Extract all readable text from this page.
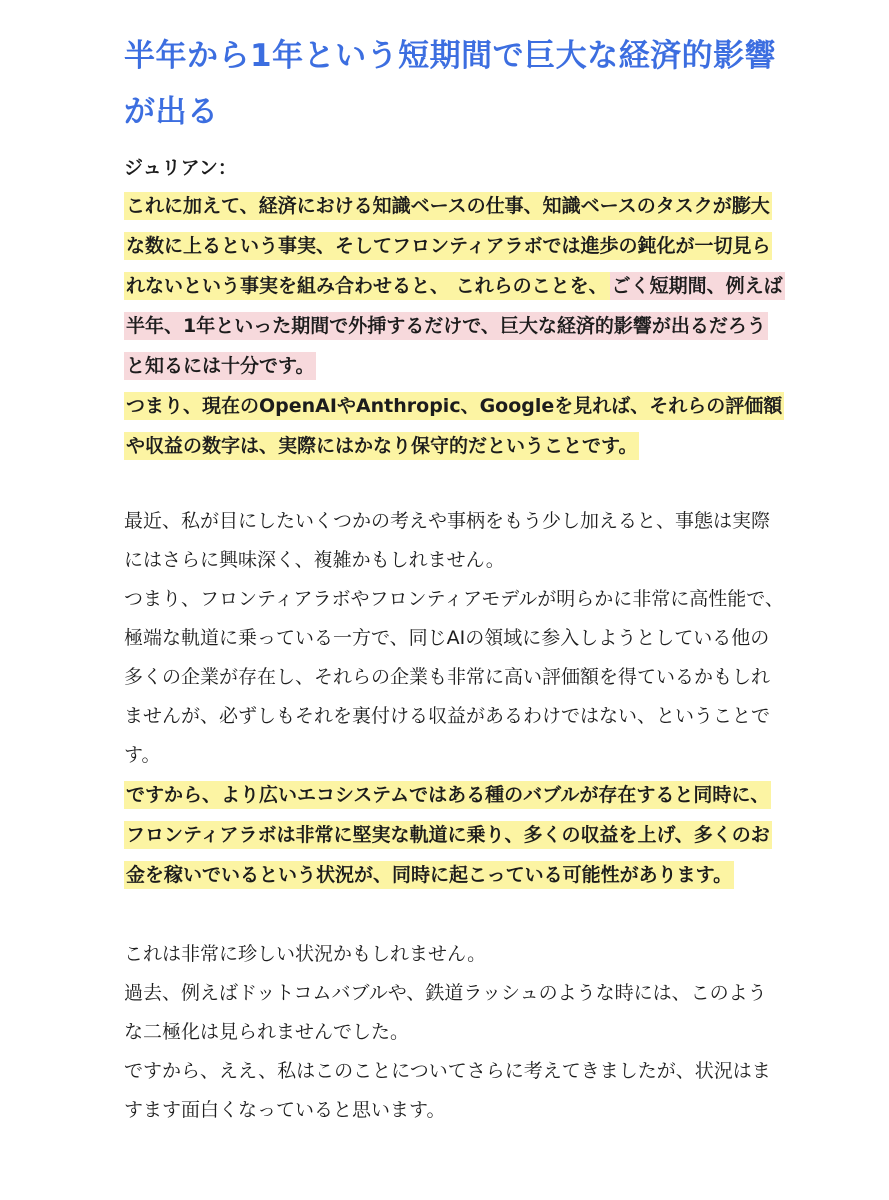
半年から1年という短期間で巨大な経済的影響が出る
ジュリアン：

これに加えて、経済における知識ベースの仕事、知識ベースのタスクが膨大な数に上るという事実、そしてフロンティアラボでは進歩の鈍化が一切見られないという事実を組み合わせると、 これらのことを、 ごく短期間、例えば半年、1年といった期間で外挿するだけで、巨大な経済的影響が出るだろうと知るには十分です。
つまり、現在のOpenAIやAnthropic、Googleを見れば、それらの評価額や収益の数字は、実際にはかなり保守的だということです。

最近、私が目にしたいくつかの考えや事柄をもう少し加えると、事態は実際にはさらに興味深く、複雑かもしれません。

つまり、フロンティアラボやフロンティアモデルが明らかに非常に高性能で、極端な軌道に乗っている一方で、同じAIの領域に参入しようとしている他の多くの企業が存在し、それらの企業も非常に高い評価額を得ているかもしれませんが、必ずしもそれを裏付ける収益があるわけではない、ということです。

ですから、より広いエコシステムではある種のバブルが存在すると同時に、フロンティアラボは非常に堅実な軌道に乗り、多くの収益を上げ、多くのお金を稼いでいるという状況が、同時に起こっている可能性があります。

これは非常に珍しい状況かもしれません。

過去、例えばドットコムバブルや、鉄道ラッシュのような時には、このような二極化は見られませんでした。

ですから、ええ、私はこのことについてさらに考えてきましたが、状況はますます面白くなっていると思います。
